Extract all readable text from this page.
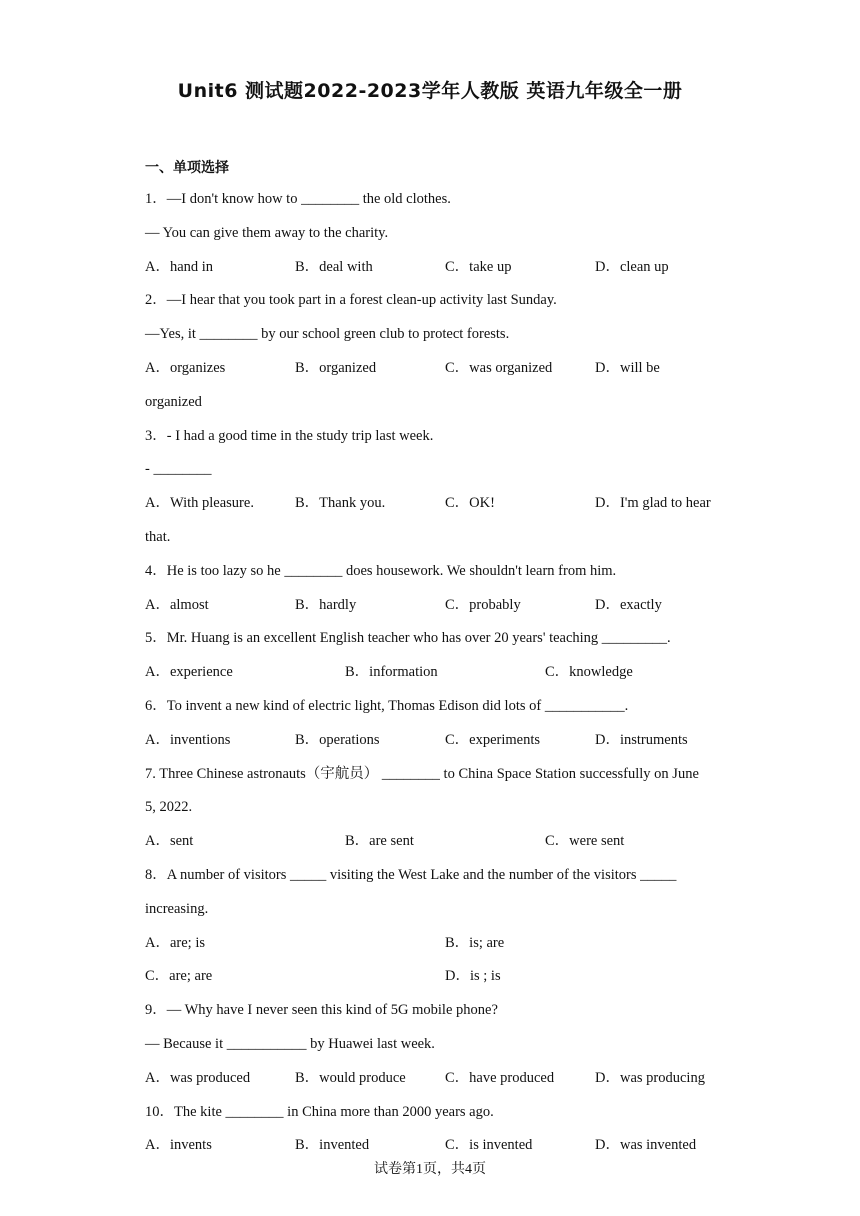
Unit6 测试题2022-2023学年人教版 英语九年级全一册
一、单项选择
1．—I don't know how to ________ the old clothes.
— You can give them away to the charity.
A．hand in	B．deal with	C．take up	D．clean up
2．—I hear that you took part in a forest clean-up activity last Sunday.
—Yes, it ________ by our school green club to protect forests.
A．organizes	B．organized	C．was organized	D．will be
organized
3．- I had a good time in the study trip last week.
- ________
A．With pleasure.	B．Thank you.	C．OK!	D．I'm glad to hear
that.
4．He is too lazy so he ________ does housework. We shouldn't learn from him.
A．almost	B．hardly	C．probably	D．exactly
5．Mr. Huang is an excellent English teacher who has over 20 years' teaching _________.
A．experience	B．information	C．knowledge
6．To invent a new kind of electric light, Thomas Edison did lots of ___________.
A．inventions	B．operations	C．experiments	D．instruments
7. Three Chinese astronauts（宇航员） ________ to China Space Station successfully on June
5, 2022.
A．sent	B．are sent	C．were sent
8．A number of visitors _____ visiting the West Lake and the number of the visitors _____
increasing.
A．are; is	B．is; are
C．are; are	D．is ; is
9．— Why have I never seen this kind of 5G mobile phone?
— Because it ___________ by Huawei last week.
A．was produced	B．would produce	C．have produced	D．was producing
10．The kite ________ in China more than 2000 years ago.
A．invents	B．invented	C．is invented	D．was invented
试卷第1页，共4页
